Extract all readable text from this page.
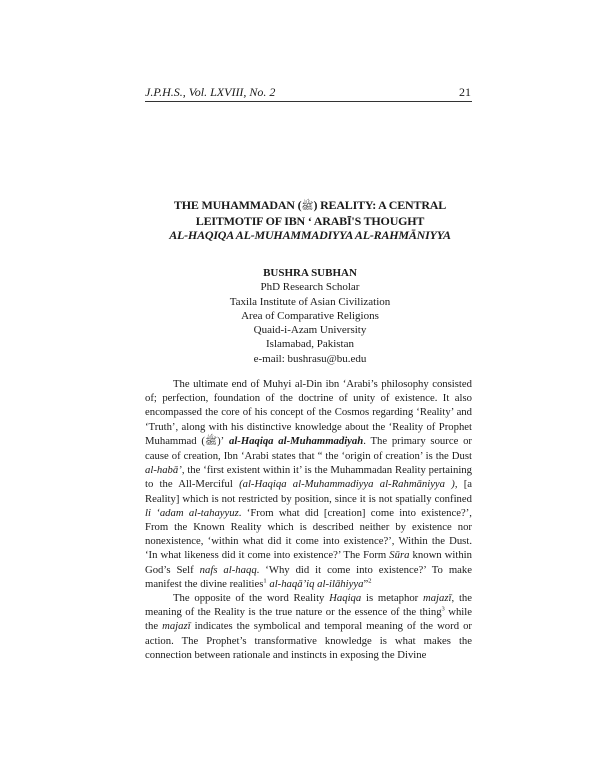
J.P.H.S., Vol. LXVIII, No. 2	21
THE MUHAMMADAN (ﷺ) REALITY: A CENTRAL
LEITMOTIF OF IBN ‘ ARABĪ'S THOUGHT
AL-HAQIQA AL-MUHAMMADIYYA AL-RAHMĀNIYYA
BUSHRA SUBHAN
PhD Research Scholar
Taxila Institute of Asian Civilization
Area of Comparative Religions
Quaid-i-Azam University
Islamabad, Pakistan
e-mail: bushrasu@bu.edu

The ultimate end of Muhyi al-Din ibn ‘Arabi’s philosophy consisted of; perfection, foundation of the doctrine of unity of existence. It also encompassed the core of his concept of the Cosmos regarding ‘Reality’ and ‘Truth’, along with his distinctive knowledge about the ‘Reality of Prophet Muhammad (ﷺ)’ al-Haqiqa al-Muhammadiyah. The primary source or cause of creation, Ibn ‘Arabi states that “ the ‘origin of creation’ is the Dust al-habā’, the ‘first existent within it’ is the Muhammadan Reality pertaining to the All-Merciful (al-Haqiqa al-Muhammadiyya al-Rahmāniyya ), [a Reality] which is not restricted by position, since it is not spatially confined li ‘adam al-tahayyuz. ‘From what did [creation] come into existence?’, From the Known Reality which is described neither by existence nor nonexistence, ‘within what did it come into existence?’, Within the Dust. ‘In what likeness did it come into existence?’ The Form Sūra known within God’s Self nafs al-haqq. ‘Why did it come into existence?’ To make manifest the divine realities$^1$ al-haqā’iq al-ilāhiyya”$^2$

The opposite of the word Reality Haqiqa is metaphor majazī, the meaning of the Reality is the true nature or the essence of the thing$^3$ while the majazī indicates the symbolical and temporal meaning of the word or action. The Prophet’s transformative knowledge is what makes the connection between rationale and instincts in exposing the Divine
